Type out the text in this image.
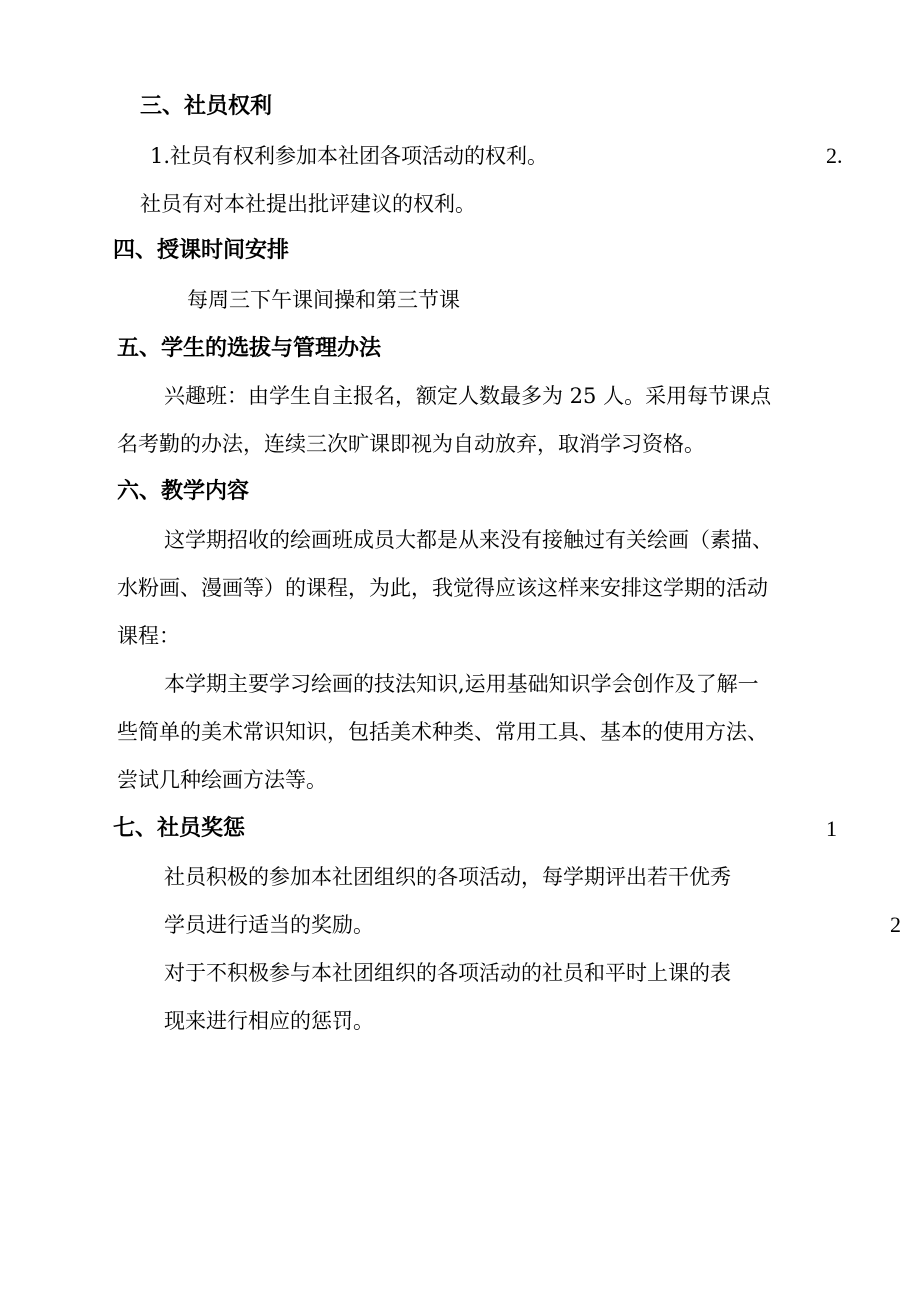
三、社员权利
1.社员有权利参加本社团各项活动的权利。	2.
社员有对本社提出批评建议的权利。
四、授课时间安排
每周三下午课间操和第三节课
五、学生的选拔与管理办法
兴趣班：由学生自主报名，额定人数最多为 25 人。采用每节课点
名考勤的办法，连续三次旷课即视为自动放弃，取消学习资格。
六、教学内容
这学期招收的绘画班成员大都是从来没有接触过有关绘画（素描、
水粉画、漫画等）的课程，为此，我觉得应该这样来安排这学期的活动
课程：
本学期主要学习绘画的技法知识,运用基础知识学会创作及了解一
些简单的美术常识知识，包括美术种类、常用工具、基本的使用方法、
尝试几种绘画方法等。
七、社员奖惩	1
社员积极的参加本社团组织的各项活动，每学期评出若干优秀
学员进行适当的奖励。	2
对于不积极参与本社团组织的各项活动的社员和平时上课的表
现来进行相应的惩罚。
